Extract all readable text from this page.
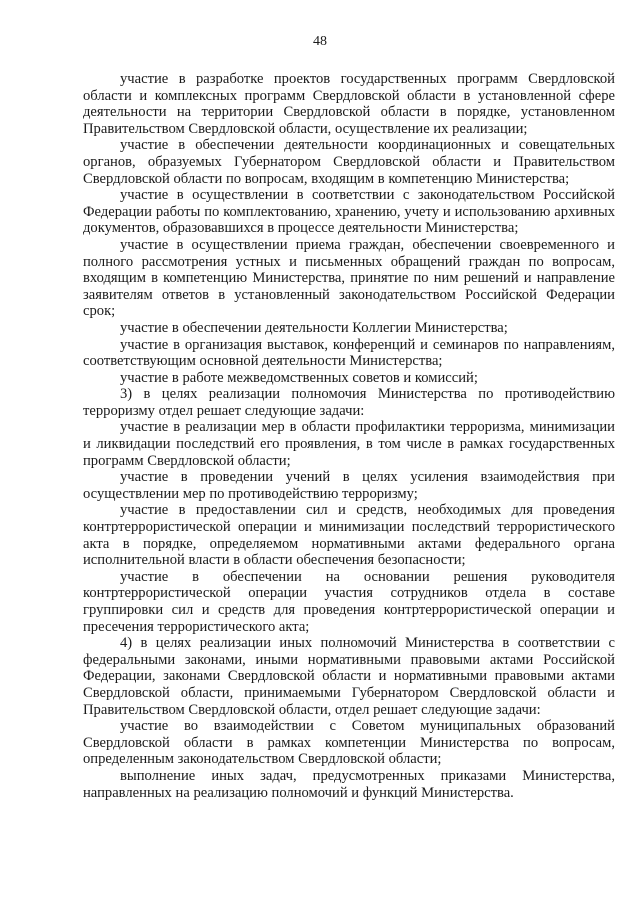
48

участие в разработке проектов государственных программ Свердловской области и комплексных программ Свердловской области в установленной сфере деятельности на территории Свердловской области в порядке, установленном Правительством Свердловской области, осуществление их реализации;

участие в обеспечении деятельности координационных и совещательных органов, образуемых Губернатором Свердловской области и Правительством Свердловской области по вопросам, входящим в компетенцию Министерства;

участие в осуществлении в соответствии с законодательством Российской Федерации работы по комплектованию, хранению, учету и использованию архивных документов, образовавшихся в процессе деятельности Министерства;

участие в осуществлении приема граждан, обеспечении своевременного и полного рассмотрения устных и письменных обращений граждан по вопросам, входящим в компетенцию Министерства, принятие по ним решений и направление заявителям ответов в установленный законодательством Российской Федерации срок;

участие в обеспечении деятельности Коллегии Министерства;

участие в организация выставок, конференций и семинаров по направлениям, соответствующим основной деятельности Министерства;

участие в работе межведомственных советов и комиссий;

3) в целях реализации полномочия Министерства по противодействию терроризму отдел решает следующие задачи:

участие в реализации мер в области профилактики терроризма, минимизации и ликвидации последствий его проявления, в том числе в рамках государственных программ Свердловской области;

участие в проведении учений в целях усиления взаимодействия при осуществлении мер по противодействию терроризму;

участие в предоставлении сил и средств, необходимых для проведения контртеррористической операции и минимизации последствий террористического акта в порядке, определяемом нормативными актами федерального органа исполнительной власти в области обеспечения безопасности;

участие в обеспечении на основании решения руководителя контртеррористической операции участия сотрудников отдела в составе группировки сил и средств для проведения контртеррористической операции и пресечения террористического акта;

4) в целях реализации иных полномочий Министерства в соответствии с федеральными законами, иными нормативными правовыми актами Российской Федерации, законами Свердловской области и нормативными правовыми актами Свердловской области, принимаемыми Губернатором Свердловской области и Правительством Свердловской области, отдел решает следующие задачи:

участие во взаимодействии с Советом муниципальных образований Свердловской области в рамках компетенции Министерства по вопросам, определенным законодательством Свердловской области;

выполнение иных задач, предусмотренных приказами Министерства, направленных на реализацию полномочий и функций Министерства.
